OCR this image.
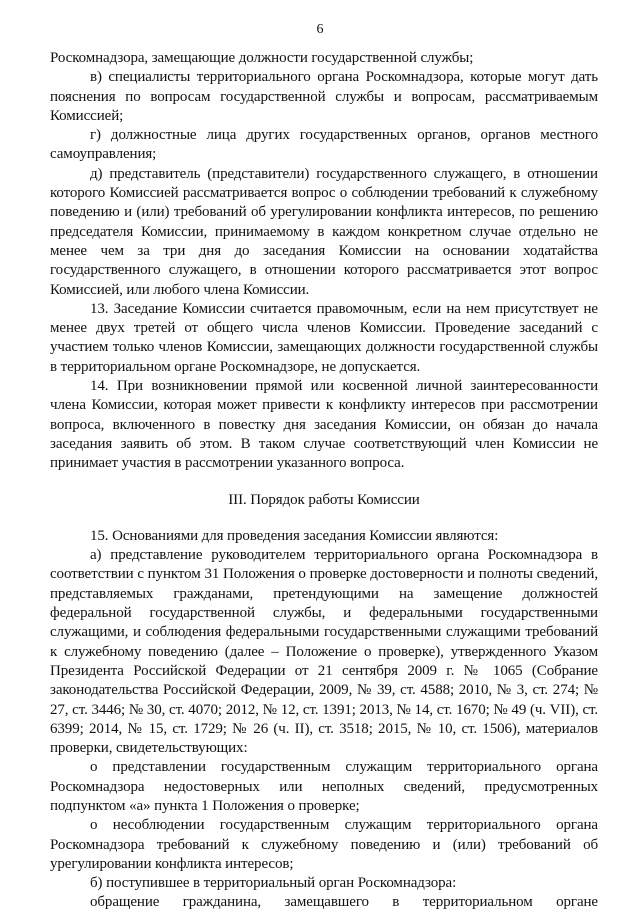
6

Роскомнадзора, замещающие должности государственной службы;

в) специалисты территориального органа Роскомнадзора, которые могут дать пояснения по вопросам государственной службы и вопросам, рассматриваемым Комиссией;

г) должностные лица других государственных органов, органов местного самоуправления;

д) представитель (представители) государственного служащего, в отношении которого Комиссией рассматривается вопрос о соблюдении требований к служебному поведению и (или) требований об урегулировании конфликта интересов, по решению председателя Комиссии, принимаемому в каждом конкретном случае отдельно не менее чем за три дня до заседания Комиссии на основании ходатайства государственного служащего, в отношении которого рассматривается этот вопрос Комиссией, или любого члена Комиссии.

13. Заседание Комиссии считается правомочным, если на нем присутствует не менее двух третей от общего числа членов Комиссии. Проведение заседаний с участием только членов Комиссии, замещающих должности государственной службы в территориальном органе Роскомнадзоре, не допускается.

14. При возникновении прямой или косвенной личной заинтересованности члена Комиссии, которая может привести к конфликту интересов при рассмотрении вопроса, включенного в повестку дня заседания Комиссии, он обязан до начала заседания заявить об этом. В таком случае соответствующий член Комиссии не принимает участия в рассмотрении указанного вопроса.

III. Порядок работы Комиссии

15. Основаниями для проведения заседания Комиссии являются:

а) представление руководителем территориального органа Роскомнадзора в соответствии с пунктом 31 Положения о проверке достоверности и полноты сведений, представляемых гражданами, претендующими на замещение должностей федеральной государственной службы, и федеральными государственными служащими, и соблюдения федеральными государственными служащими требований к служебному поведению (далее – Положение о проверке), утвержденного Указом Президента Российской Федерации от 21 сентября 2009 г. № 1065 (Собрание законодательства Российской Федерации, 2009, № 39, ст. 4588; 2010, № 3, ст. 274; № 27, ст. 3446; № 30, ст. 4070; 2012, № 12, ст. 1391; 2013, № 14, ст. 1670; № 49 (ч. VII), ст. 6399; 2014, № 15, ст. 1729; № 26 (ч. II), ст. 3518; 2015, № 10, ст. 1506), материалов проверки, свидетельствующих:

о представлении государственным служащим территориального органа Роскомнадзора недостоверных или неполных сведений, предусмотренных подпунктом «а» пункта 1 Положения о проверке;

о несоблюдении государственным служащим территориального органа Роскомнадзора требований к служебному поведению и (или) требований об урегулировании конфликта интересов;

б) поступившее в территориальный орган Роскомнадзора:

обращение гражданина, замещавшего в территориальном органе
